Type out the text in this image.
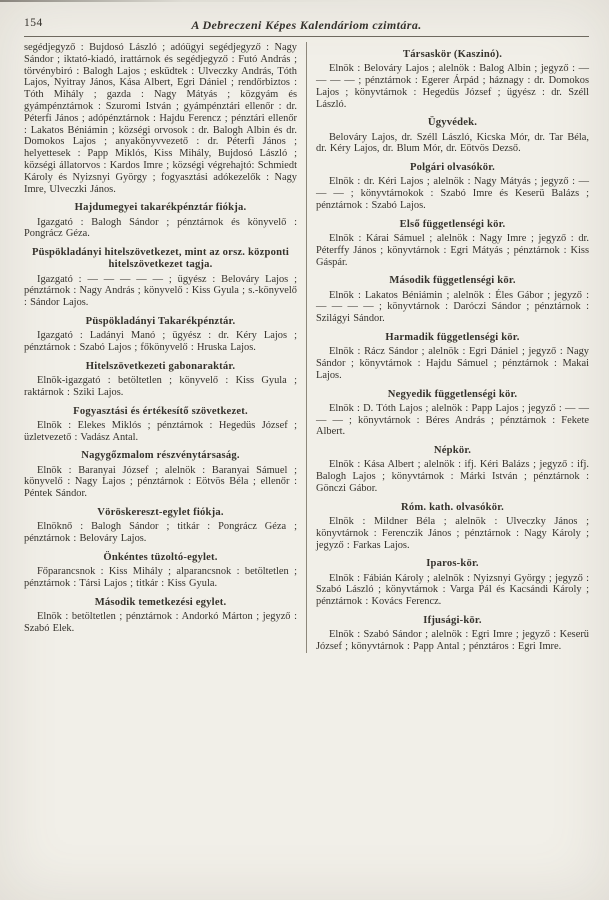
154	A Debreczeni Képes Kalendáriom czimtára.

segédjegyző : Bujdosó László ; adóügyi segédjegyző : Nagy Sándor ; iktató-kiadó, irattárnok és segédjegyző : Futó András ; törvénybiró : Balogh Lajos ; esküdtek : Ulveczky András, Tóth Lajos, Nyitray János, Kása Albert, Egri Dániel ; rendőrbiztos : Tóth Mihály ; gazda : Nagy Mátyás ; közgyám és gyámpénztárnok : Szuromi István ; gyámpénztári ellenőr : dr. Péterfi János ; adópénztárnok : Hajdu Ferencz ; pénztári ellenőr : Lakatos Béniámin ; községi orvosok : dr. Balogh Albin és dr. Domokos Lajos ; anyakönyvvezető : dr. Péterfi János ; helyettesek : Papp Miklós, Kiss Mihály, Bujdosó László ; községi állatorvos : Kardos Imre ; községi végrehajtó: Schmiedt Károly és Nyizsnyi György ; fogyasztási adókezelők : Nagy Imre, Ulveczki János.

Hajdumegyei takarékpénztár fiókja.

Igazgató : Balogh Sándor ; pénztárnok és könyvelő : Pongrácz Géza.

Püspökladányi hitelszövetkezet, mint az orsz. központi hitelszövetkezet tagja.

Igazgató : — — — — — ; ügyész : Belováry Lajos ; pénztárnok : Nagy András ; könyvelő : Kiss Gyula ; s.-könyvelő : Sándor Lajos.

Püspökladányi Takarékpénztár.

Igazgató : Ladányi Manó ; ügyész : dr. Kéry Lajos ; pénztárnok : Szabó Lajos ; főkönyvelő : Hruska Lajos.

Hitelszövetkezeti gabonaraktár.

Elnök-igazgató : betöltetlen ; könyvelő : Kiss Gyula ; raktárnok : Sziki Lajos.

Fogyasztási és értékesítő szövetkezet.

Elnök : Elekes Miklós ; pénztárnok : Hegedüs József ; üzletvezető : Vadász Antal.

Nagygőzmalom részvénytársaság.

Elnök : Baranyai József ; alelnök : Baranyai Sámuel ; könyvelő : Nagy Lajos ; pénztárnok : Eötvös Béla ; ellenőr : Péntek Sándor.

Vöröskereszt-egylet fiókja.

Elnöknő : Balogh Sándor ; titkár : Pongrácz Géza ; pénztárnok : Belováry Lajos.

Önkéntes tüzoltó-egylet.

Főparancsnok : Kiss Mihály ; alparancsnok : betöltetlen ; pénztárnok : Társi Lajos ; titkár : Kiss Gyula.

Második temetkezési egylet.

Elnök : betöltetlen ; pénztárnok : Andorkó Márton ; jegyző : Szabó Elek.

Társaskör (Kaszinó).

Elnök : Belováry Lajos ; alelnök : Balog Albin ; jegyző : — — — — ; pénztárnok : Egerer Árpád ; háznagy : dr. Domokos Lajos ; könyvtárnok : Hegedüs József ; ügyész : dr. Széll László.

Ügyvédek.

Belováry Lajos, dr. Széll László, Kicska Mór, dr. Tar Béla, dr. Kéry Lajos, dr. Blum Mór, dr. Eötvös Dezső.

Polgári olvasókör.

Elnök : dr. Kéri Lajos ; alelnök : Nagy Mátyás ; jegyző : — — — ; könyvtárnokok : Szabó Imre és Keserü Balázs ; pénztárnok : Szabó Lajos.

Első függetlenségi kör.

Elnök : Kárai Sámuel ; alelnök : Nagy Imre ; jegyző : dr. Péterffy János ; könyvtárnok : Egri Mátyás ; pénztárnok : Kiss Gáspár.

Második függetlenségi kör.

Elnök : Lakatos Béniámin ; alelnök : Éles Gábor ; jegyző : — — — — ; könyvtárnok : Daróczi Sándor ; pénztárnok : Szilágyi Sándor.

Harmadik függetlenségi kör.

Elnök : Rácz Sándor ; alelnök : Egri Dániel ; jegyző : Nagy Sándor ; könyvtárnok : Hajdu Sámuel ; pénztárnok : Makai Lajos.

Negyedik függetlenségi kör.

Elnök : D. Tóth Lajos ; alelnök : Papp Lajos ; jegyző : — — — — ; könyvtárnok : Béres András ; pénztárnok : Fekete Albert.

Népkör.

Elnök : Kása Albert ; alelnök : ifj. Kéri Balázs ; jegyző : ifj. Balogh Lajos ; könyvtárnok : Márki István ; pénztárnok : Gönczi Gábor.

Róm. kath. olvasókör.

Elnök : Mildner Béla ; alelnök : Ulveczky János ; könyvtárnok : Ferenczik János ; pénztárnok : Nagy Károly ; jegyző : Farkas Lajos.

Iparos-kör.

Elnök : Fábián Károly ; alelnök : Nyizsnyi György ; jegyző : Szabó László ; könyvtárnok : Varga Pál és Kacsándi Károly ; pénztárnok : Kovács Ferencz.

Ifjusági-kör.

Elnök : Szabó Sándor ; alelnök : Egri Imre ; jegyző : Keserü József ; könyvtárnok : Papp Antal ; pénztáros : Egri Imre.
